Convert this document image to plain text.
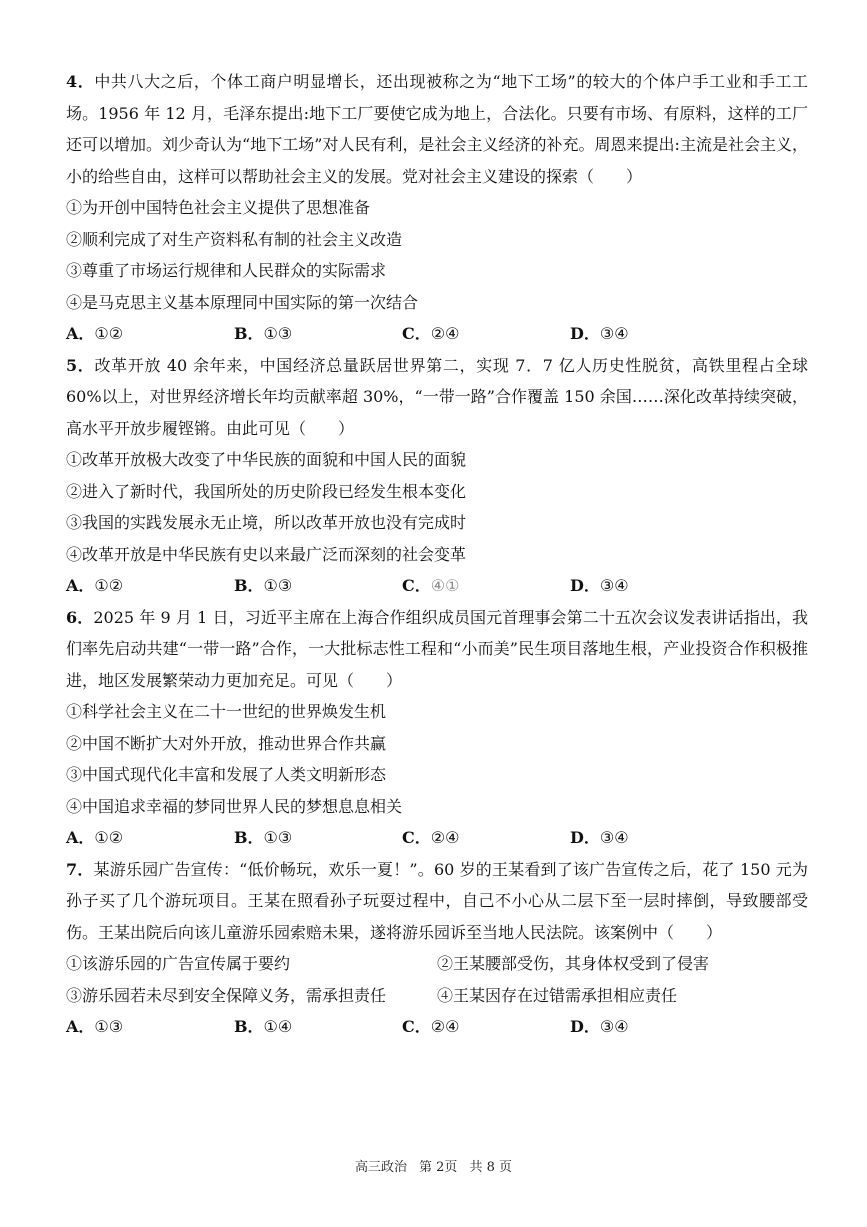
4．中共八大之后，个体工商户明显增长，还出现被称之为“地下工场”的较大的个体户手工业和手工工场。1956 年 12 月，毛泽东提出:地下工厂要使它成为地上，合法化。只要有市场、有原料，这样的工厂还可以增加。刘少奇认为“地下工场”对人民有利，是社会主义经济的补充。周恩来提出:主流是社会主义，小的给些自由，这样可以帮助社会主义的发展。党对社会主义建设的探索（　　）

①为开创中国特色社会主义提供了思想准备

②顺利完成了对生产资料私有制的社会主义改造

③尊重了市场运行规律和人民群众的实际需求

④是马克思主义基本原理同中国实际的第一次结合

A．①②	B．①③	C．②④	D．③④

5．改革开放 40 余年来，中国经济总量跃居世界第二，实现 7．7 亿人历史性脱贫，高铁里程占全球 60%以上，对世界经济增长年均贡献率超 30%，“一带一路”合作覆盖 150 余国……深化改革持续突破，高水平开放步履铿锵。由此可见（　　）

①改革开放极大改变了中华民族的面貌和中国人民的面貌

②进入了新时代，我国所处的历史阶段已经发生根本变化

③我国的实践发展永无止境，所以改革开放也没有完成时

④改革开放是中华民族有史以来最广泛而深刻的社会变革

A．①②	B．①③	C．④①	D．③④

6．2025 年 9 月 1 日，习近平主席在上海合作组织成员国元首理事会第二十五次会议发表讲话指出，我们率先启动共建“一带一路”合作，一大批标志性工程和“小而美”民生项目落地生根，产业投资合作积极推进，地区发展繁荣动力更加充足。可见（　　）

①科学社会主义在二十一世纪的世界焕发生机

②中国不断扩大对外开放，推动世界合作共赢

③中国式现代化丰富和发展了人类文明新形态

④中国追求幸福的梦同世界人民的梦想息息相关

A．①②	B．①③	C．②④	D．③④

7．某游乐园广告宣传：“低价畅玩，欢乐一夏！”。60 岁的王某看到了该广告宣传之后，花了 150 元为孙子买了几个游玩项目。王某在照看孙子玩耍过程中，自己不小心从二层下至一层时摔倒，导致腰部受伤。王某出院后向该儿童游乐园索赔未果，遂将游乐园诉至当地人民法院。该案例中（　　）

①该游乐园的广告宣传属于要约	②王某腰部受伤，其身体权受到了侵害

③游乐园若未尽到安全保障义务，需承担责任	④王某因存在过错需承担相应责任

A．①③	B．①④	C．②④	D．③④
高三政治 第 2页 共 8 页
